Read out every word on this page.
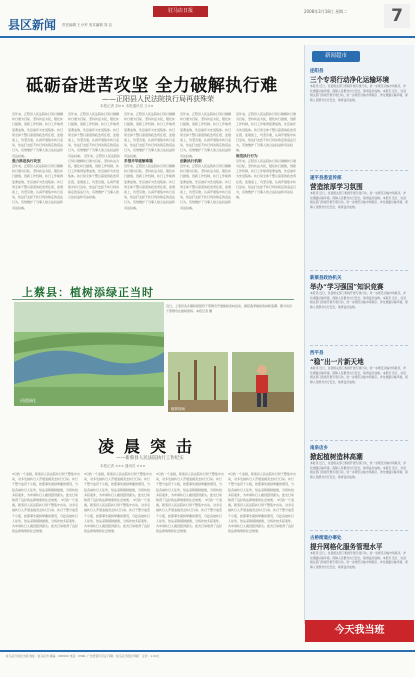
县区新闻
驻马店日报
责任编辑 王小军 美术编辑 刘 洁
2008年3月18日 星期二	7
砥砺奋进苦攻坚 全力破解执行难
——正阳县人民法院执行局再获殊荣
本报记者 刘×× 本报通讯员 王××
近年来，正阳县人民法院执行局以破解执行难为目标，坚持执法为民，强化执行措施，创新工作机制，执行工作取得显著成效，先后被评为先进集体。执行局全体干警以高度的政治责任感，迎难而上，攻坚克难，认真开展集中执行活动，依法打击拒不执行判决裁定的违法行为，有效维护了当事人的合法权益和司法权威。
强力推进执行攻坚
近年来，正阳县人民法院执行局以破解执行难为目标，坚持执法为民，强化执行措施，创新工作机制，执行工作取得显著成效，先后被评为先进集体。执行局全体干警以高度的政治责任感，迎难而上，攻坚克难，认真开展集中执行活动，依法打击拒不执行判决裁定的违法行为，有效维护了当事人的合法权益和司法权威。
近年来，正阳县人民法院执行局以破解执行难为目标，坚持执法为民，强化执行措施，创新工作机制，执行工作取得显著成效，先后被评为先进集体。执行局全体干警以高度的政治责任感，迎难而上，攻坚克难，认真开展集中执行活动，依法打击拒不执行判决裁定的违法行为，有效维护了当事人的合法权益和司法权威。 近年来，正阳县人民法院执行局以破解执行难为目标，坚持执法为民，强化执行措施，创新工作机制，执行工作取得显著成效，先后被评为先进集体。执行局全体干警以高度的政治责任感，迎难而上，攻坚克难，认真开展集中执行活动，依法打击拒不执行判决裁定的违法行为，有效维护了当事人的合法权益和司法权威。
近年来，正阳县人民法院执行局以破解执行难为目标，坚持执法为民，强化执行措施，创新工作机制，执行工作取得显著成效，先后被评为先进集体。执行局全体干警以高度的政治责任感，迎难而上，攻坚克难，认真开展集中执行活动，依法打击拒不执行判决裁定的违法行为，有效维护了当事人的合法权益和司法权威。
多措并举破解难题
近年来，正阳县人民法院执行局以破解执行难为目标，坚持执法为民，强化执行措施，创新工作机制，执行工作取得显著成效，先后被评为先进集体。执行局全体干警以高度的政治责任感，迎难而上，攻坚克难，认真开展集中执行活动，依法打击拒不执行判决裁定的违法行为，有效维护了当事人的合法权益和司法权威。
近年来，正阳县人民法院执行局以破解执行难为目标，坚持执法为民，强化执行措施，创新工作机制，执行工作取得显著成效，先后被评为先进集体。执行局全体干警以高度的政治责任感，迎难而上，攻坚克难，认真开展集中执行活动，依法打击拒不执行判决裁定的违法行为，有效维护了当事人的合法权益和司法权威。
创新执行机制
近年来，正阳县人民法院执行局以破解执行难为目标，坚持执法为民，强化执行措施，创新工作机制，执行工作取得显著成效，先后被评为先进集体。执行局全体干警以高度的政治责任感，迎难而上，攻坚克难，认真开展集中执行活动，依法打击拒不执行判决裁定的违法行为，有效维护了当事人的合法权益和司法权威。
近年来，正阳县人民法院执行局以破解执行难为目标，坚持执法为民，强化执行措施，创新工作机制，执行工作取得显著成效，先后被评为先进集体。执行局全体干警以高度的政治责任感，迎难而上，攻坚克难，认真开展集中执行活动，依法打击拒不执行判决裁定的违法行为，有效维护了当事人的合法权益和司法权威。
规范执行行为
近年来，正阳县人民法院执行局以破解执行难为目标，坚持执法为民，强化执行措施，创新工作机制，执行工作取得显著成效，先后被评为先进集体。执行局全体干警以高度的政治责任感，迎难而上，攻坚克难，认真开展集中执行活动，依法打击拒不执行判决裁定的违法行为，有效维护了当事人的合法权益和司法权威。
上蔡县：植树添绿正当时
河道绿化
植树现场
近日，上蔡县各乡镇积极组织干部群众开展植树造林活动，掀起春季植树造林新高潮。图为该县干部群众在植树现场。本报记者 摄
凌晨突击
——新蔡县人民法院执行工作纪实
本报记者 ××× 通讯员 ×××
3月的一个凌晨，新蔡县人民法院执行局干警集中出动，对多名被执行人开展凌晨突击执行行动。执行干警分成若干小组，按照事先摸排掌握的情况，分赴各被执行人住所，依法采取强制措施，当场执结多起案件，为申请执行人挽回经济损失。此次行动取得了良好的法律效果和社会效果。 3月的一个凌晨，新蔡县人民法院执行局干警集中出动，对多名被执行人开展凌晨突击执行行动。执行干警分成若干小组，按照事先摸排掌握的情况，分赴各被执行人住所，依法采取强制措施，当场执结多起案件，为申请执行人挽回经济损失。此次行动取得了良好的法律效果和社会效果。
3月的一个凌晨，新蔡县人民法院执行局干警集中出动，对多名被执行人开展凌晨突击执行行动。执行干警分成若干小组，按照事先摸排掌握的情况，分赴各被执行人住所，依法采取强制措施，当场执结多起案件，为申请执行人挽回经济损失。此次行动取得了良好的法律效果和社会效果。 3月的一个凌晨，新蔡县人民法院执行局干警集中出动，对多名被执行人开展凌晨突击执行行动。执行干警分成若干小组，按照事先摸排掌握的情况，分赴各被执行人住所，依法采取强制措施，当场执结多起案件，为申请执行人挽回经济损失。此次行动取得了良好的法律效果和社会效果。
3月的一个凌晨，新蔡县人民法院执行局干警集中出动，对多名被执行人开展凌晨突击执行行动。执行干警分成若干小组，按照事先摸排掌握的情况，分赴各被执行人住所，依法采取强制措施，当场执结多起案件，为申请执行人挽回经济损失。此次行动取得了良好的法律效果和社会效果。 3月的一个凌晨，新蔡县人民法院执行局干警集中出动，对多名被执行人开展凌晨突击执行行动。执行干警分成若干小组，按照事先摸排掌握的情况，分赴各被执行人住所，依法采取强制措施，当场执结多起案件，为申请执行人挽回经济损失。此次行动取得了良好的法律效果和社会效果。
3月的一个凌晨，新蔡县人民法院执行局干警集中出动，对多名被执行人开展凌晨突击执行行动。执行干警分成若干小组，按照事先摸排掌握的情况，分赴各被执行人住所，依法采取强制措施，当场执结多起案件，为申请执行人挽回经济损失。此次行动取得了良好的法律效果和社会效果。 3月的一个凌晨，新蔡县人民法院执行局干警集中出动，对多名被执行人开展凌晨突击执行行动。执行干警分成若干小组，按照事先摸排掌握的情况，分赴各被执行人住所，依法采取强制措施，当场执结多起案件，为申请执行人挽回经济损失。此次行动取得了良好的法律效果和社会效果。
新闻超市
泌阳县
三个专项行动净化运输环境
本报讯 近日，该县相关部门积极开展专项行动，进一步规范运输市场秩序，净化道路运输环境，保障人民群众出行安全，取得良好成效。本报讯 近日，该县相关部门积极开展专项行动，进一步规范运输市场秩序，净化道路运输环境，保障人民群众出行安全，取得良好成效。
遂平县委宣传部
营造浓厚学习氛围
本报讯 近日，该县相关部门积极开展专项行动，进一步规范运输市场秩序，净化道路运输环境，保障人民群众出行安全，取得良好成效。本报讯 近日，该县相关部门积极开展专项行动，进一步规范运输市场秩序，净化道路运输环境，保障人民群众出行安全，取得良好成效。
新蔡县政协机关
举办“学习强国”知识竞赛
本报讯 近日，该县相关部门积极开展专项行动，进一步规范运输市场秩序，净化道路运输环境，保障人民群众出行安全，取得良好成效。本报讯 近日，该县相关部门积极开展专项行动，进一步规范运输市场秩序，净化道路运输环境，保障人民群众出行安全，取得良好成效。
西平县
“稳”出一片新天地
本报讯 近日，该县相关部门积极开展专项行动，进一步规范运输市场秩序，净化道路运输环境，保障人民群众出行安全，取得良好成效。本报讯 近日，该县相关部门积极开展专项行动，进一步规范运输市场秩序，净化道路运输环境，保障人民群众出行安全，取得良好成效。
南泉店乡
掀起植树造林高潮
本报讯 近日，该县相关部门积极开展专项行动，进一步规范运输市场秩序，净化道路运输环境，保障人民群众出行安全，取得良好成效。本报讯 近日，该县相关部门积极开展专项行动，进一步规范运输市场秩序，净化道路运输环境，保障人民群众出行安全，取得良好成效。
古桥街道办事处
提升网格化服务管理水平
本报讯 近日，该县相关部门积极开展专项行动，进一步规范运输市场秩序，净化道路运输环境，保障人民群众出行安全，取得良好成效。本报讯 近日，该县相关部门积极开展专项行动，进一步规范运输市场秩序，净化道路运输环境，保障人民群众出行安全，取得良好成效。
今天我当班
驻马店日报社出版 地址：驻马店市 邮编：463000 电话：0396- 广告经营许可证 印刷：驻马店日报社印刷厂 定价：1.00元
